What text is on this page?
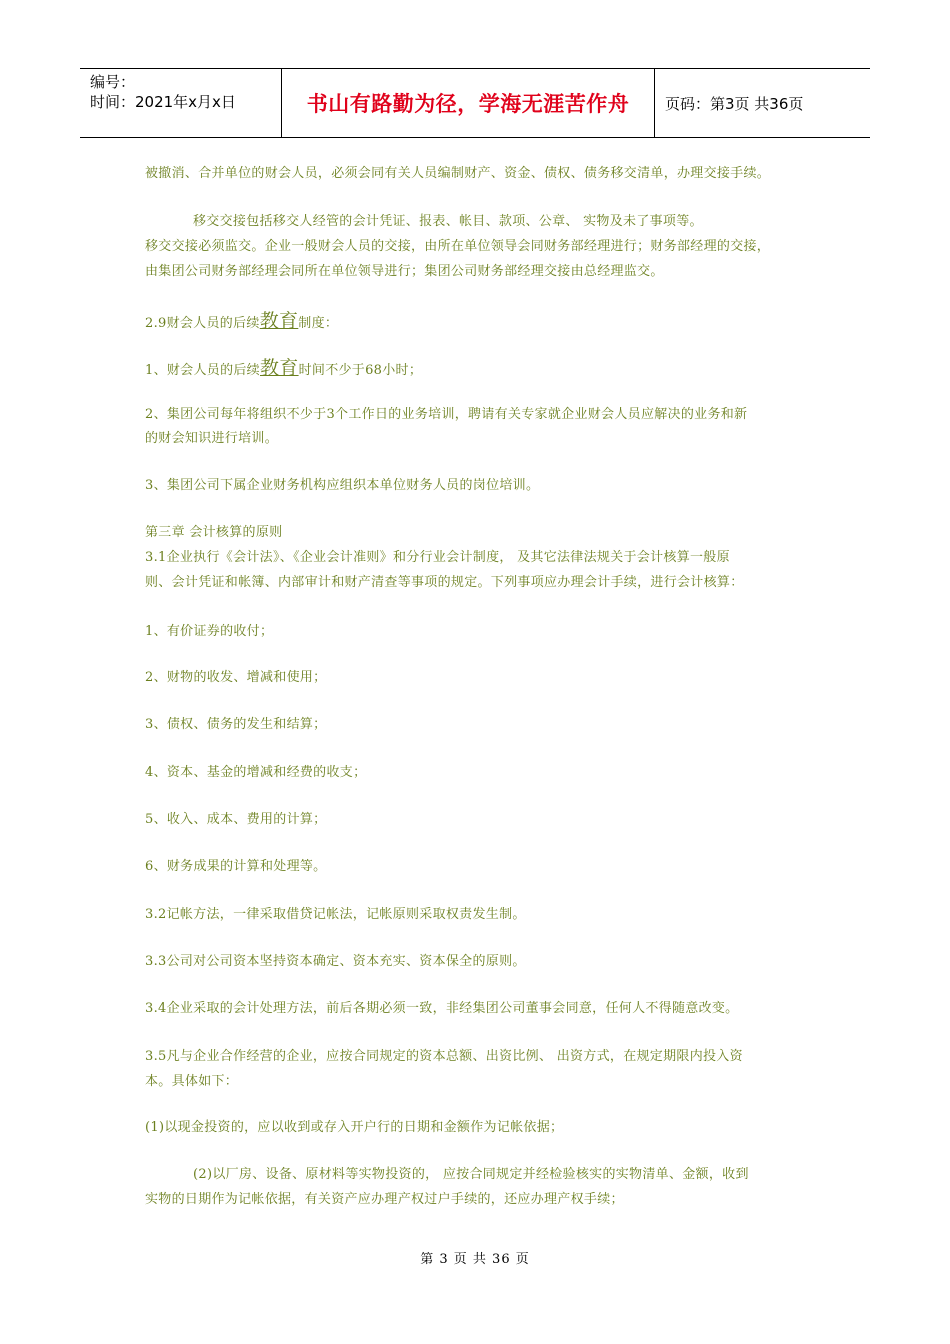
编号：
时间：2021年x月x日	书山有路勤为径，学海无涯苦作舟 页码：第3页 共36页
被撤消、合并单位的财会人员，必须会同有关人员编制财产、资金、债权、债务移交清单，办理交接手续。
移交交接包括移交人经管的会计凭证、报表、帐目、款项、公章、 实物及未了事项等。
移交交接必须监交。企业一般财会人员的交接，由所在单位领导会同财务部经理进行；财务部经理的交接，
由集团公司财务部经理会同所在单位领导进行；集团公司财务部经理交接由总经理监交。
2.9财会人员的后续教育制度：
1、财会人员的后续教育时间不少于68小时；
2、集团公司每年将组织不少于3个工作日的业务培训，聘请有关专家就企业财会人员应解决的业务和新
的财会知识进行培训。
3、集团公司下属企业财务机构应组织本单位财务人员的岗位培训。
第三章 会计核算的原则
3.1企业执行《会计法》、《企业会计准则》和分行业会计制度， 及其它法律法规关于会计核算一般原
则、会计凭证和帐簿、内部审计和财产清查等事项的规定。下列事项应办理会计手续，进行会计核算：
1、有价证券的收付；
2、财物的收发、增减和使用；
3、债权、债务的发生和结算；
4、资本、基金的增减和经费的收支；
5、收入、成本、费用的计算；
6、财务成果的计算和处理等。
3.2记帐方法，一律采取借贷记帐法，记帐原则采取权责发生制。
3.3公司对公司资本坚持资本确定、资本充实、资本保全的原则。
3.4企业采取的会计处理方法，前后各期必须一致，非经集团公司董事会同意，任何人不得随意改变。
3.5凡与企业合作经营的企业，应按合同规定的资本总额、出资比例、 出资方式，在规定期限内投入资
本。具体如下：
(1)以现金投资的，应以收到或存入开户行的日期和金额作为记帐依据；
(2)以厂房、设备、原材料等实物投资的， 应按合同规定并经检验核实的实物清单、金额，收到
实物的日期作为记帐依据，有关资产应办理产权过户手续的，还应办理产权手续；
第 3 页 共 36 页
